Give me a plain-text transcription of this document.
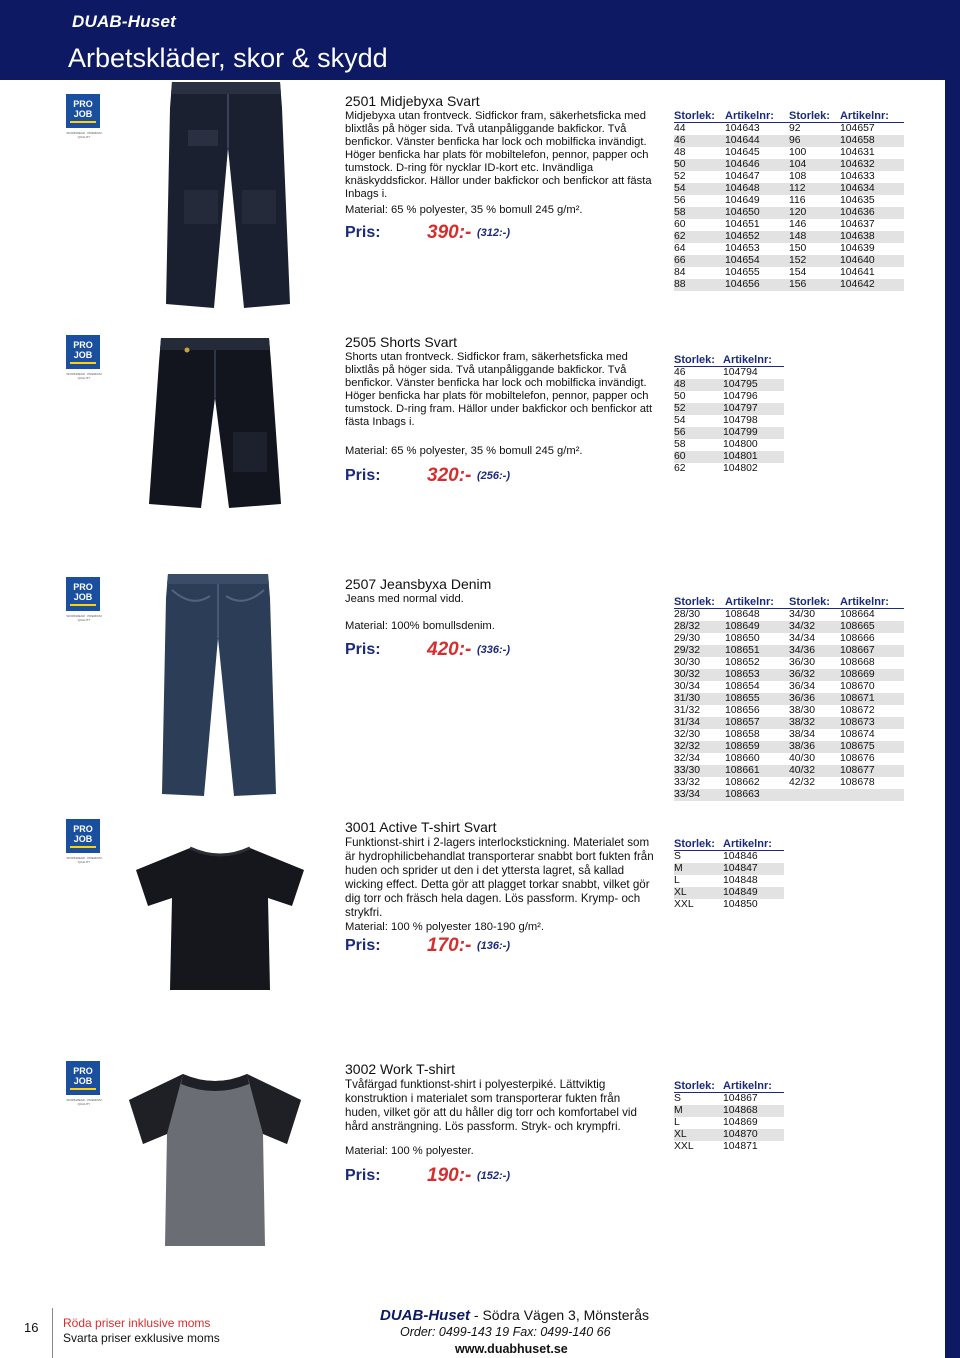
DUAB-Huset
Arbetskläder, skor & skydd
PRO
JOB
WORKWEAR · PREMIUM QUALITY
2501 Midjebyxa Svart
Midjebyxa utan frontveck. Sidfickor fram, säkerhetsficka med blixtlås på höger sida. Två utanpåliggande bakfickor. Två benfickor. Vänster benficka har lock och mobilficka invändigt. Höger benficka har plats för mobiltelefon, pennor, papper och tumstock. D-ring för nycklar ID-kort etc. Invändliga knäskyddsfickor. Hällor under bakfickor och benfickor att fästa Inbags i.
Material: 65 % polyester, 35 % bomull 245 g/m².
Pris: 390:- (312:-)
Storlek:	Artikelnr:	Storlek:	Artikelnr:
44	104643	92	104657
46	104644	96	104658
48	104645	100	104631
50	104646	104	104632
52	104647	108	104633
54	104648	112	104634
56	104649	116	104635
58	104650	120	104636
60	104651	146	104637
62	104652	148	104638
64	104653	150	104639
66	104654	152	104640
84	104655	154	104641
88	104656	156	104642
PRO
JOB
WORKWEAR · PREMIUM QUALITY
2505 Shorts Svart
Shorts utan frontveck. Sidfickor fram, säkerhetsficka med blixtlås på höger sida. Två utanpåliggande bakfickor. Två benfickor. Vänster benficka har lock och mobilficka invändigt. Höger benficka har plats för mobiltelefon, pennor, papper och tumstock. D-ring fram. Hällor under bakfickor och benfickor att fästa Inbags i.
Material: 65 % polyester, 35 % bomull 245 g/m².
Pris: 320:- (256:-)
Storlek:	Artikelnr:
46	104794
48	104795
50	104796
52	104797
54	104798
56	104799
58	104800
60	104801
62	104802
PRO
JOB
WORKWEAR · PREMIUM QUALITY
2507 Jeansbyxa Denim
Jeans med normal vidd.
Material: 100% bomullsdenim.
Pris: 420:- (336:-)
Storlek:	Artikelnr:	Storlek:	Artikelnr:
28/30	108648	34/30	108664
28/32	108649	34/32	108665
29/30	108650	34/34	108666
29/32	108651	34/36	108667
30/30	108652	36/30	108668
30/32	108653	36/32	108669
30/34	108654	36/34	108670
31/30	108655	36/36	108671
31/32	108656	38/30	108672
31/34	108657	38/32	108673
32/30	108658	38/34	108674
32/32	108659	38/36	108675
32/34	108660	40/30	108676
33/30	108661	40/32	108677
33/32	108662	42/32	108678
33/34	108663		
PRO
JOB
WORKWEAR · PREMIUM QUALITY
3001 Active T-shirt Svart
Funktionst-shirt i 2-lagers interlockstickning. Materialet som är hydrophilicbehandlat transporterar snabbt bort fukten från huden och sprider ut den i det yttersta lagret, så kallad wicking effect. Detta gör att plagget torkar snabbt, vilket gör dig torr och fräsch hela dagen. Lös passform. Krymp- och strykfri.
Material: 100 % polyester 180-190 g/m².
Pris: 170:- (136:-)
Storlek:	Artikelnr:
S	104846
M	104847
L	104848
XL	104849
XXL	104850
PRO
JOB
WORKWEAR · PREMIUM QUALITY
3002 Work T-shirt
Tvåfärgad funktionst-shirt i polyesterpiké. Lättviktig konstruktion i materialet som transporterar fukten från huden, vilket gör att du håller dig torr och komfortabel vid hård ansträngning. Lös passform. Stryk- och krympfri.
Material: 100 % polyester.
Pris: 190:- (152:-)
Storlek:	Artikelnr:
S	104867
M	104868
L	104869
XL	104870
XXL	104871
16 Röda priser inklusive moms
Svarta priser exklusive moms
DUAB-Huset - Södra Vägen 3, Mönsterås
Order: 0499-143 19 Fax: 0499-140 66
www.duabhuset.se
